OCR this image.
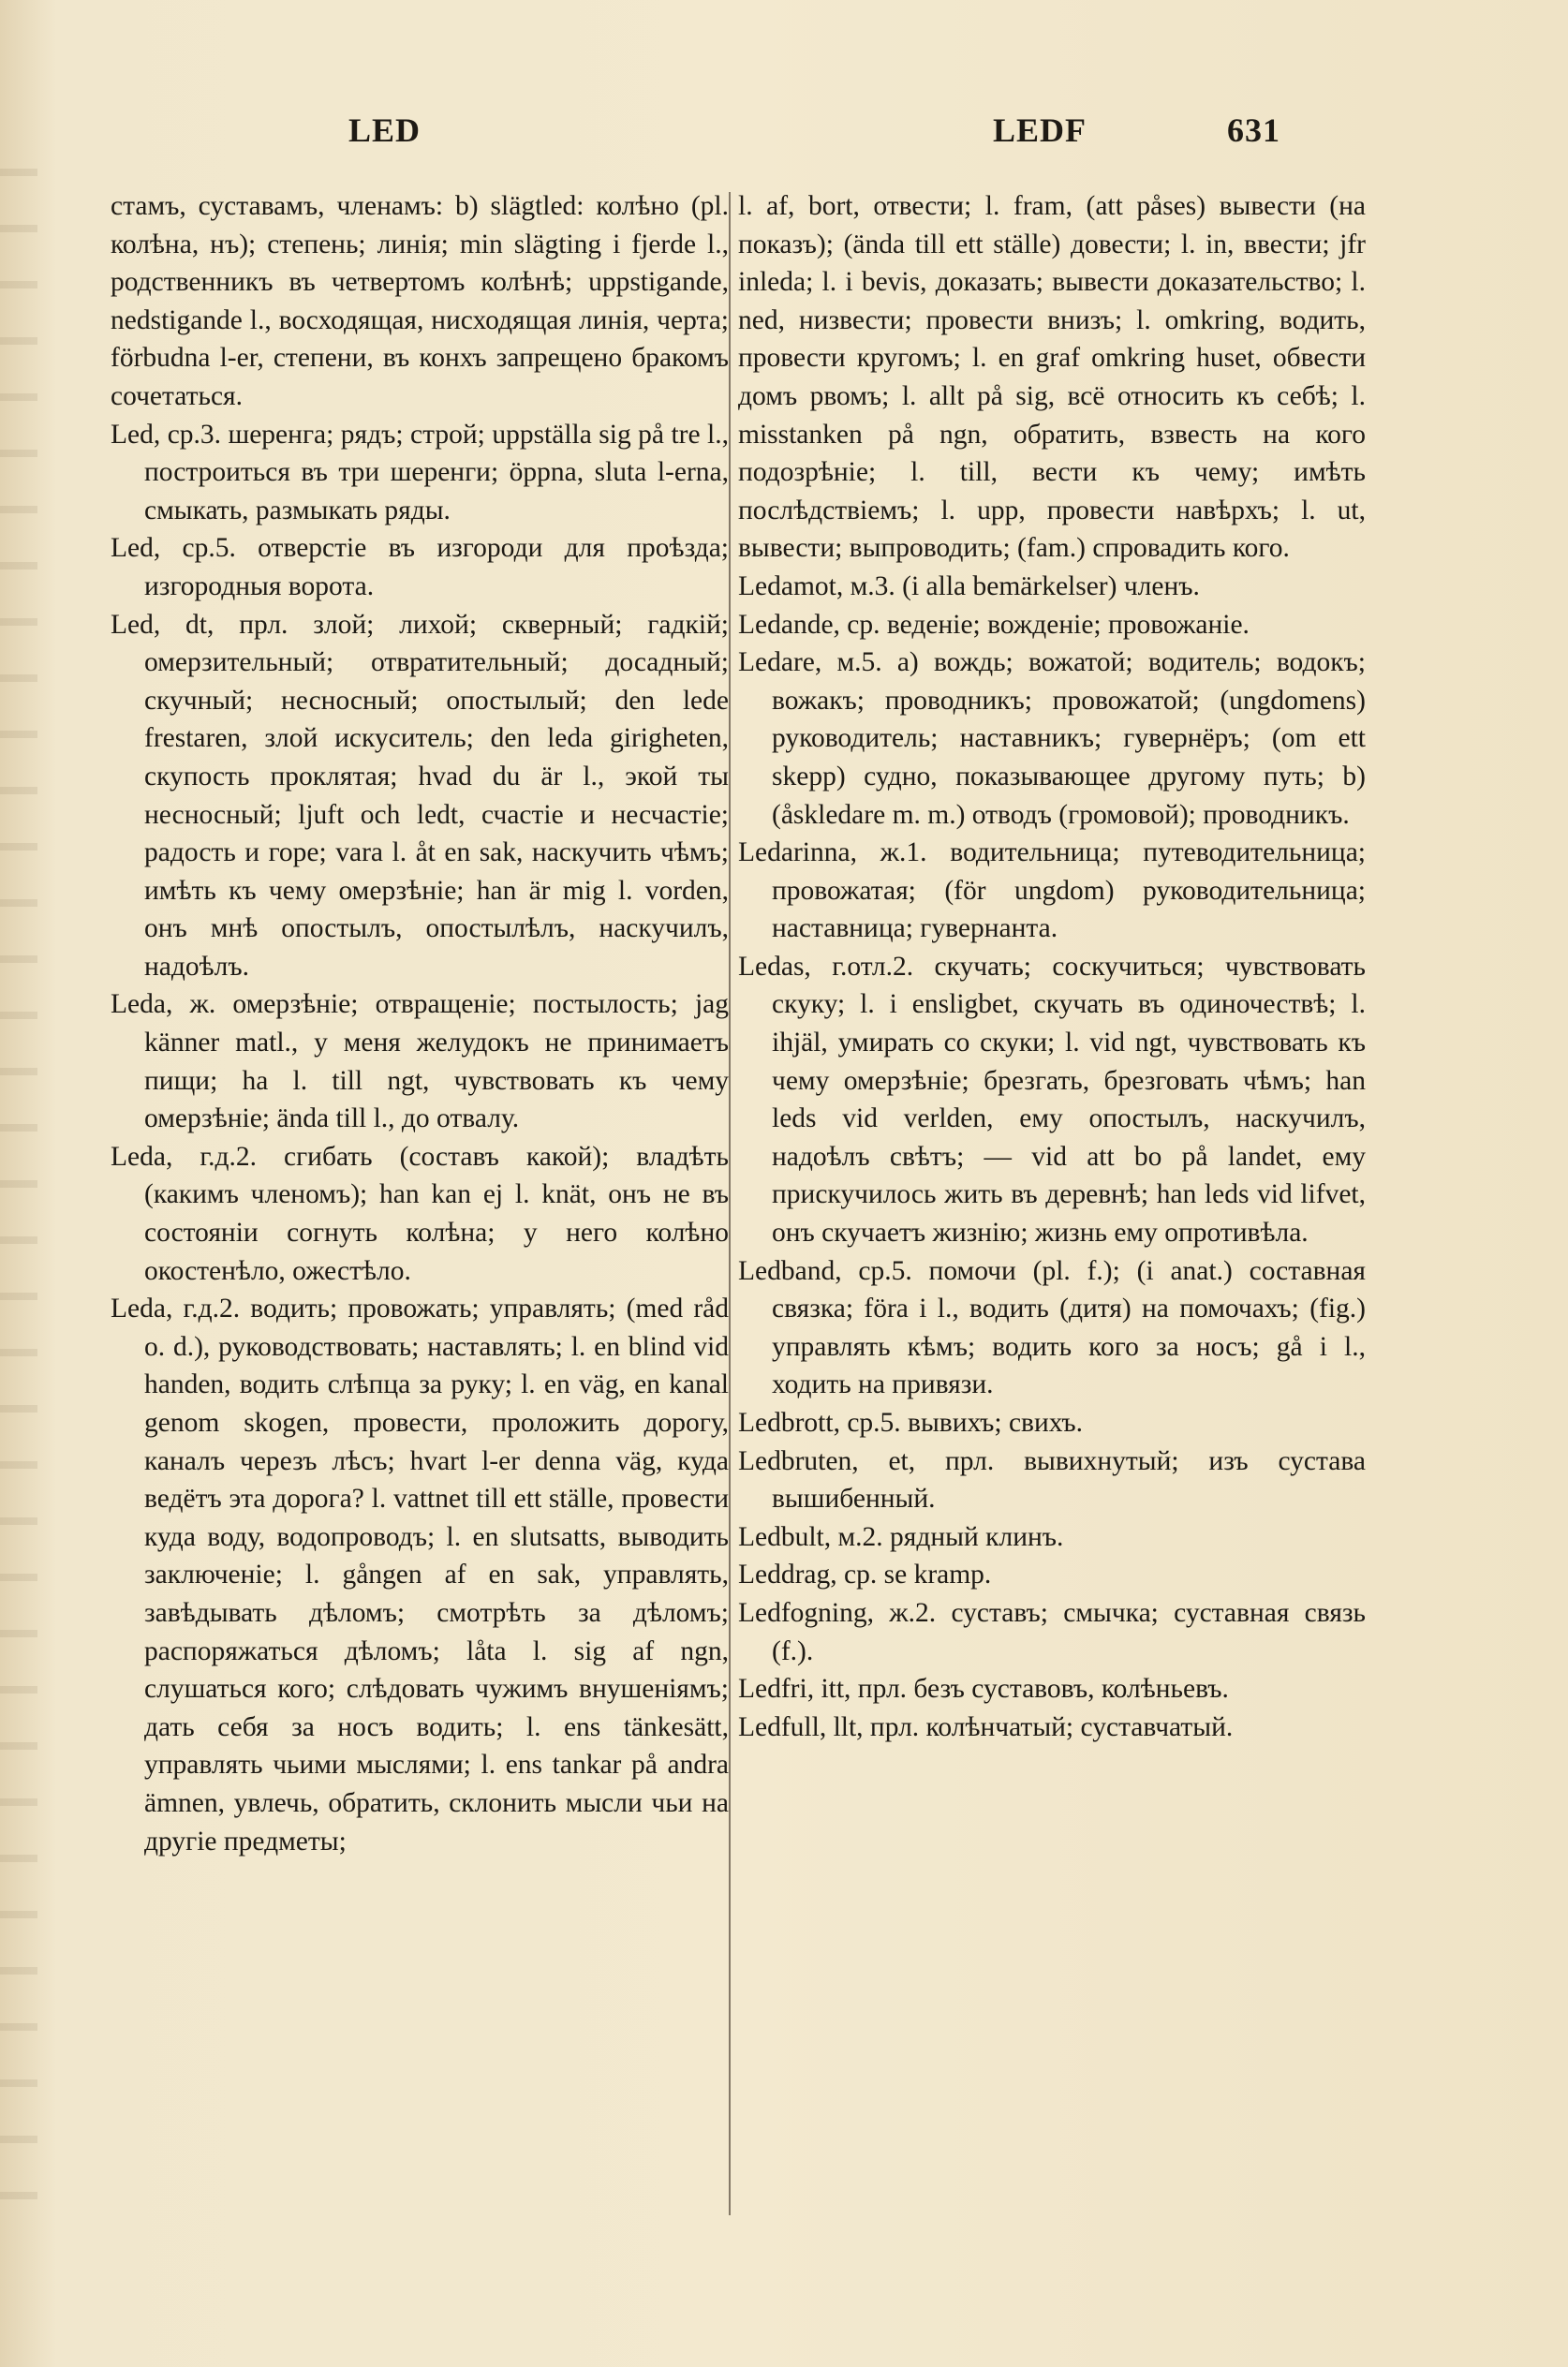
LED	LEDF	631

стамъ, суставамъ, членамъ: b) slägtled: колѣно (pl. колѣна, нъ); степень; линія; min slägting i fjerde l., родственникъ въ четвертомъ колѣнѣ; uppstigande, nedstigande l., восходящая, нисходящая линія, черта; förbudna l-er, степени, въ конхъ запрещено бракомъ сочетаться.

Led, ср.3. шеренга; рядъ; строй; uppställa sig på tre l., построиться въ три шеренги; öppna, sluta l-erna, смыкать, размыкать ряды.

Led, ср.5. отверстіе въ изгороди для проѣзда; изгородныя ворота.

Led, dt, прл. злой; лихой; скверный; гадкій; омерзительный; отвратительный; досадный; скучный; несносный; опостылый; den lede frestaren, злой искуситель; den leda girigheten, скупость проклятая; hvad du är l., экой ты несносный; ljuft och ledt, счастіе и несчастіе; радость и горе; vara l. åt en sak, наскучить чѣмъ; имѣть къ чему омерзѣніе; han är mig l. vorden, онъ мнѣ опостылъ, опостылѣлъ, наскучилъ, надоѣлъ.

Leda, ж. омерзѣніе; отвращеніе; постылость; jag känner matl., у меня желудокъ не принимаетъ пищи; ha l. till ngt, чувствовать къ чему омерзѣніе; ända till l., до отвалу.

Leda, г.д.2. сгибать (составъ какой); владѣть (какимъ членомъ); han kan ej l. knät, онъ не въ состояніи согнуть колѣна; у него колѣно окостенѣло, ожестѣло.

Leda, г.д.2. водить; провожать; управлять; (med råd o. d.), руководствовать; наставлять; l. en blind vid handen, водить слѣпца за руку; l. en väg, en kanal genom skogen, провести, проложить дорогу, каналъ черезъ лѣсъ; hvart l-er denna väg, куда ведётъ эта дорога? l. vattnet till ett ställe, провести куда воду, водопроводъ; l. en slutsatts, выводить заключеніе; l. gången af en sak, управлять, завѣдывать дѣломъ; смотрѣть за дѣломъ; распоряжаться дѣломъ; låta l. sig af ngn, слушаться кого; слѣдовать чужимъ внушеніямъ; дать себя за носъ водить; l. ens tänkesätt, управлять чьими мыслями; l. ens tankar på andra ämnen, увлечь, обратить, склонить мысли чьи на другіе предметы;

l. af, bort, отвести; l. fram, (att påses) вывести (на показъ); (ända till ett ställe) довести; l. in, ввести; jfr inleda; l. i bevis, доказать; вывести доказательство; l. ned, низвести; провести внизъ; l. omkring, водить, провести кругомъ; l. en graf omkring huset, обвести домъ рвомъ; l. allt på sig, всё относить къ себѣ; l. misstanken på ngn, обратить, взвесть на кого подозрѣніе; l. till, вести къ чему; имѣть послѣдствіемъ; l. upp, провести навѣрхъ; l. ut, вывести; выпроводить; (fam.) спровадить кого.

Ledamot, м.3. (i alla bemärkelser) членъ.

Ledande, ср. веденіе; вожденіе; провожаніе.

Ledare, м.5. a) вождь; вожатой; водитель; водокъ; вожакъ; проводникъ; провожатой; (ungdomens) руководитель; наставникъ; гувернёръ; (om ett skepp) судно, показывающее другому путь; b) (åskledare m. m.) отводъ (громовой); проводникъ.

Ledarinna, ж.1. водительница; путеводительница; провожатая; (för ungdom) руководительница; наставница; гувернанта.

Ledas, г.отл.2. скучать; соскучиться; чувствовать скуку; l. i ensligbet, скучать въ одиночествѣ; l. ihjäl, умирать со скуки; l. vid ngt, чувствовать къ чему омерзѣніе; брезгать, брезговать чѣмъ; han leds vid verlden, ему опостылъ, наскучилъ, надоѣлъ свѣтъ; — vid att bo på landet, ему прискучилось жить въ деревнѣ; han leds vid lifvet, онъ скучаетъ жизнію; жизнь ему опротивѣла.

Ledband, ср.5. помочи (pl. f.); (i anat.) составная связка; föra i l., водить (дитя) на помочахъ; (fig.) управлять кѣмъ; водить кого за носъ; gå i l., ходить на привязи.

Ledbrott, ср.5. вывихъ; свихъ.

Ledbruten, et, прл. вывихнутый; изъ сустава вышибенный.

Ledbult, м.2. рядный клинъ.

Leddrag, ср. se kramp.

Ledfogning, ж.2. суставъ; смычка; суставная связь (f.).

Ledfri, itt, прл. безъ суставовъ, колѣньевъ.

Ledfull, llt, прл. колѣнчатый; суставчатый.
